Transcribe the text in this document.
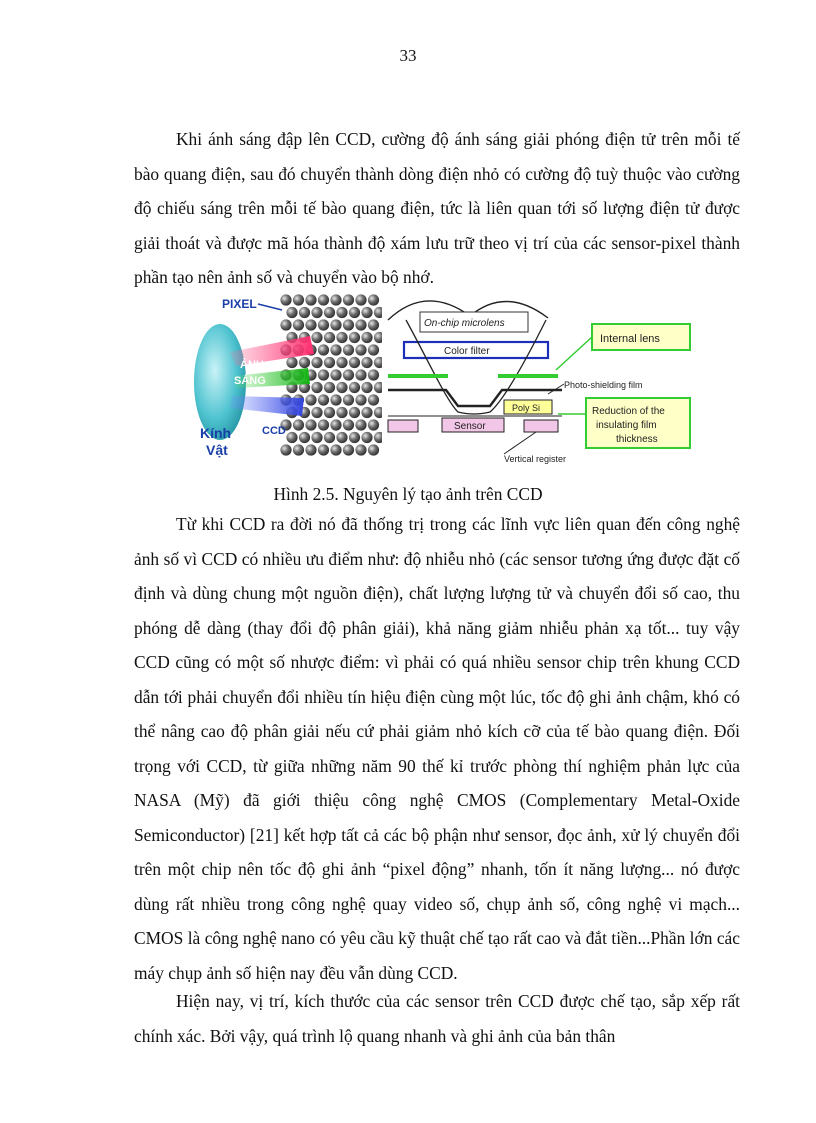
33

Khi ánh sáng đập lên CCD, cường độ ánh sáng giải phóng điện tử trên mỗi tế bào quang điện, sau đó chuyển thành dòng điện nhỏ có cường độ tuỳ thuộc vào cường độ chiếu sáng trên mỗi tế bào quang điện, tức là liên quan tới số lượng điện tử được giải thoát và được mã hóa thành độ xám lưu trữ theo vị trí của các sensor-pixel thành phần tạo nên ảnh số và chuyển vào bộ nhớ.

PIXEL
ẢNH
SÁNG
CCD
Kính
Vật
On-chip microlens
Color filter
Internal lens
Photo-shielding film
Poly Si
Sensor
Reduction of the
insulating film
thickness
Vertical register
Hình 2.5. Nguyên lý tạo ảnh trên CCD

Từ khi CCD ra đời nó đã thống trị trong các lĩnh vực liên quan đến công nghệ ảnh số vì CCD có nhiều ưu điểm như: độ nhiễu nhỏ (các sensor tương ứng được đặt cố định và dùng chung một nguồn điện), chất lượng lượng tử và chuyển đổi số cao, thu phóng dễ dàng (thay đổi độ phân giải), khả năng giảm nhiễu phản xạ tốt... tuy vậy CCD cũng có một số nhược điểm: vì phải có quá nhiều sensor chip trên khung CCD dẫn tới phải chuyển đổi nhiều tín hiệu điện cùng một lúc, tốc độ ghi ảnh chậm, khó có thể nâng cao độ phân giải nếu cứ phải giảm nhỏ kích cỡ của tế bào quang điện. Đối trọng với CCD, từ giữa những năm 90 thế kỉ trước phòng thí nghiệm phản lực của NASA (Mỹ) đã giới thiệu công nghệ CMOS (Complementary Metal-Oxide Semiconductor) [21] kết hợp tất cả các bộ phận như sensor, đọc ảnh, xử lý chuyển đổi trên một chip nên tốc độ ghi ảnh “pixel động” nhanh, tốn ít năng lượng... nó được dùng rất nhiều trong công nghệ quay video số, chụp ảnh số, công nghệ vi mạch... CMOS là công nghệ nano có yêu cầu kỹ thuật chế tạo rất cao và đắt tiền...Phần lớn các máy chụp ảnh số hiện nay đều vẫn dùng CCD.

Hiện nay, vị trí, kích thước của các sensor trên CCD được chế tạo, sắp xếp rất chính xác. Bởi vậy, quá trình lộ quang nhanh và ghi ảnh của bản thân
